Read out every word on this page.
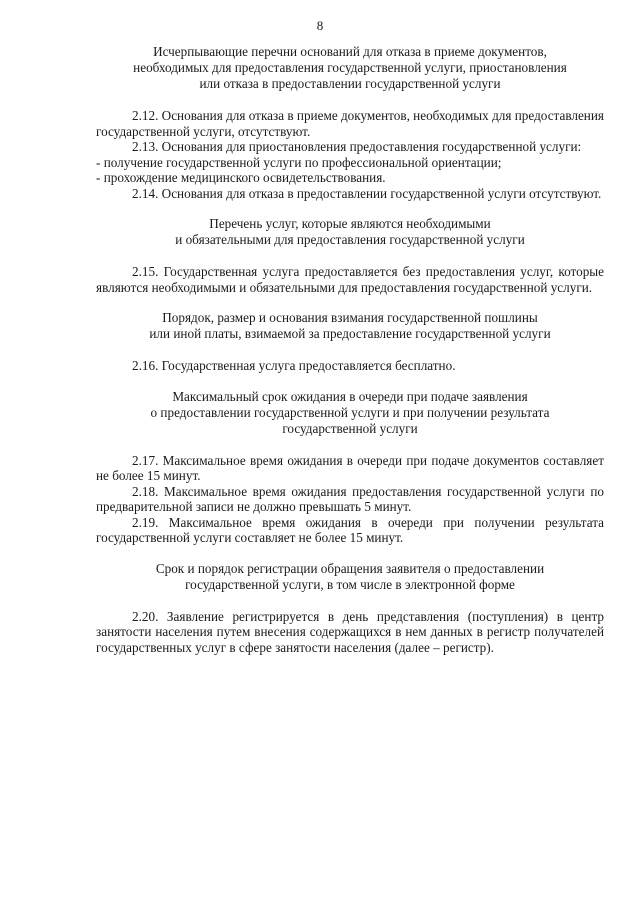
8
Исчерпывающие перечни оснований для отказа в приеме документов,
необходимых для предоставления государственной услуги, приостановления
или отказа в предоставлении государственной услуги

2.12. Основания для отказа в приеме документов, необходимых для предоставления государственной услуги, отсутствуют.

2.13. Основания для приостановления предоставления государственной услуги:

- получение государственной услуги по профессиональной ориентации;

- прохождение медицинского освидетельствования.

2.14. Основания для отказа в предоставлении государственной услуги отсутствуют.

Перечень услуг, которые являются необходимыми
и обязательными для предоставления государственной услуги

2.15. Государственная услуга предоставляется без предоставления услуг, которые являются необходимыми и обязательными для предоставления государственной услуги.

Порядок, размер и основания взимания государственной пошлины
или иной платы, взимаемой за предоставление государственной услуги

2.16. Государственная услуга предоставляется бесплатно.

Максимальный срок ожидания в очереди при подаче заявления
о предоставлении государственной услуги и при получении результата
государственной услуги

2.17. Максимальное время ожидания в очереди при подаче документов составляет не более 15 минут.

2.18. Максимальное время ожидания предоставления государственной услуги по предварительной записи не должно превышать 5 минут.

2.19. Максимальное время ожидания в очереди при получении результата государственной услуги составляет не более 15 минут.

Срок и порядок регистрации обращения заявителя о предоставлении
государственной услуги, в том числе в электронной форме

2.20. Заявление регистрируется в день представления (поступления) в центр занятости населения путем внесения содержащихся в нем данных в регистр получателей государственных услуг в сфере занятости населения (далее – регистр).
